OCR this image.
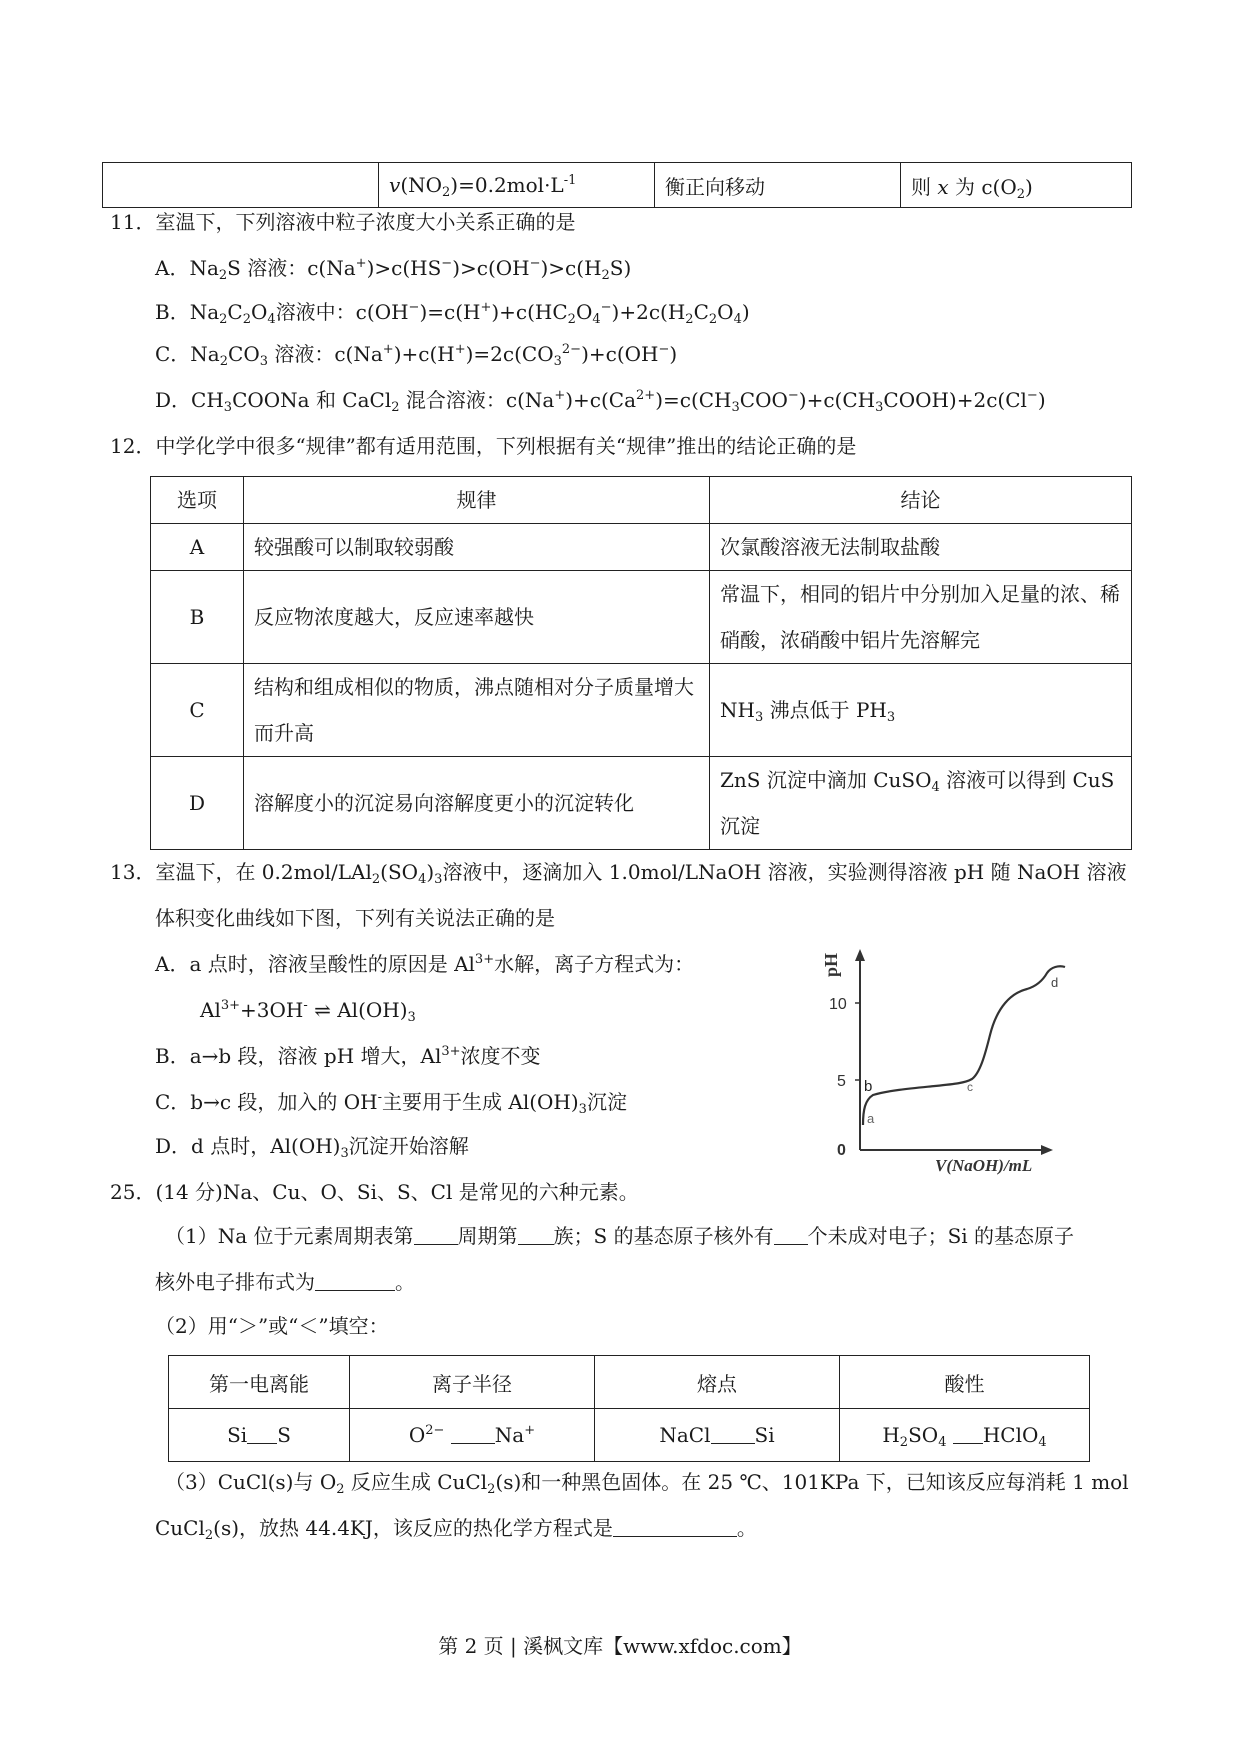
	$v(NO_2)=0.2mol\cdot L^{-1}$	衡正向移动	则 x 为 $c(O_2)$
11．室温下，下列溶液中粒子浓度大小关系正确的是
A．$Na_2S$ 溶液：$c(Na^+)>c(HS^-)>c(OH^-)>c(H_2S)$
B．$Na_2C_2O_4$溶液中：$c(OH^-)=c(H^+)+c(HC_2O_4^-)+2c(H_2C_2O_4)$
C．$Na_2CO_3$ 溶液：$c(Na^+)+c(H^+)=2c(CO_3^{2-})+c(OH^-)$
D．$CH_3COONa$ 和 CaCl$_2$ 混合溶液：$c(Na^+)+c(Ca^{2+})=c(CH_3COO^-)+c(CH_3COOH)+2c(Cl^-)$
12．中学化学中很多“规律”都有适用范围，下列根据有关“规律”推出的结论正确的是
选项	规律	结论
A	较强酸可以制取较弱酸	次氯酸溶液无法制取盐酸
B	反应物浓度越大，反应速率越快	常温下，相同的铝片中分别加入足量的浓、稀硝酸，浓硝酸中铝片先溶解完
C	结构和组成相似的物质，沸点随相对分子质量增大而升高	$NH_3$ 沸点低于 $PH_3$
D	溶解度小的沉淀易向溶解度更小的沉淀转化	ZnS 沉淀中滴加 CuSO$_4$ 溶液可以得到 CuS 沉淀
13．室温下，在 $0.2mol/LAl_2(SO_4)_3$溶液中，逐滴加入 1.0mol/LNaOH 溶液，实验测得溶液 pH 随 NaOH 溶液
体积变化曲线如下图，下列有关说法正确的是
A．a 点时，溶液呈酸性的原因是 $Al^{3+}$水解，离子方程式为：
$Al^{3+}+3OH^-$ ⇌ $Al(OH)_3$
B．a→b 段，溶液 pH 增大，$Al^{3+}$浓度不变
C．b→c 段，加入的 OH-主要用于生成 $Al(OH)_3$沉淀
D．d 点时，$Al(OH)_3$沉淀开始溶解
pH
10
5
0
a
b	c
d
V(NaOH)/mL
25．(14 分)Na、Cu、O、Si、S、Cl 是常见的六种元素。
（1）Na 位于元素周期表第 周期第 族；S 的基态原子核外有 个未成对电子；Si 的基态原子
核外电子排布式为	。
（2）用“＞”或“＜”填空：
第一电离能	离子半径	熔点	酸性
Si S	$O^{2-}$ Na+	NaCl Si	$H_2SO_4$ HClO$_4$
（3）CuCl(s)与 $O_2$ 反应生成 CuCl$_2$(s)和一种黑色固体。在 25 ℃、101KPa 下，已知该反应每消耗 1 mol
CuCl$_2$(s)，放热 44.4KJ，该反应的热化学方程式是	。
第 2 页 | 溪枫文库【www.xfdoc.com】
